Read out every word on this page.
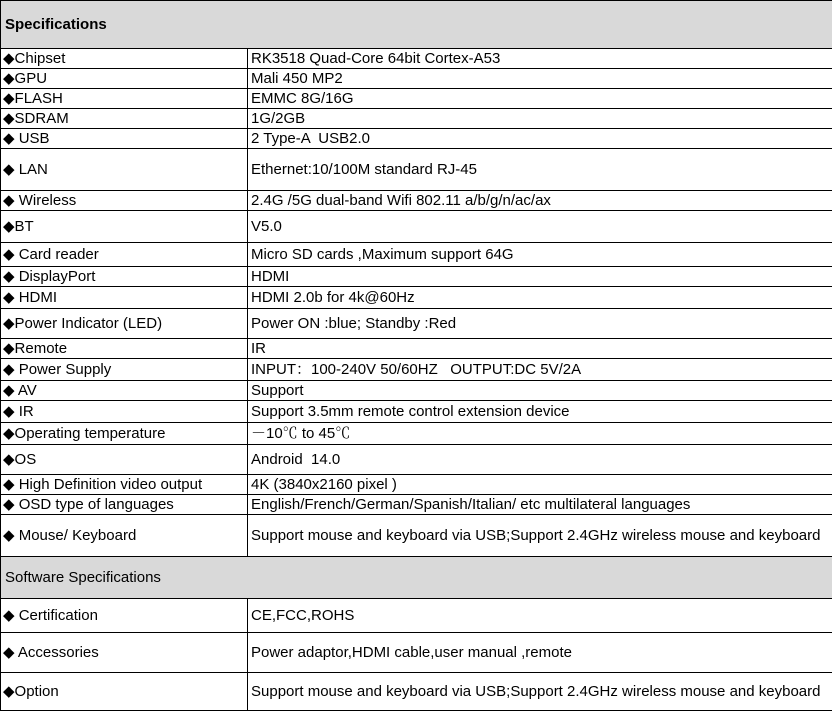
Specifications	
◆Chipset	RK3518 Quad-Core 64bit Cortex-A53
◆GPU	Mali 450 MP2
◆FLASH	EMMC 8G/16G
◆SDRAM	1G/2GB
◆ USB	2 Type-A  USB2.0
◆ LAN	Ethernet:10/100M standard RJ-45
◆ Wireless	2.4G /5G dual-band Wifi 802.11 a/b/g/n/ac/ax
◆BT	V5.0
◆ Card reader	Micro SD cards ,Maximum support 64G
◆ DisplayPort	HDMI
◆ HDMI	HDMI 2.0b for 4k@60Hz
◆Power Indicator (LED)	Power ON :blue; Standby :Red
◆Remote	IR
◆ Power Supply	INPUT：100-240V 50/60HZ   OUTPUT:DC 5V/2A
◆ AV	Support
◆ IR	Support 3.5mm remote control extension device
◆Operating temperature	－10℃ to 45℃
◆OS	Android  14.0
◆ High Definition video output	4K (3840x2160 pixel )
◆ OSD type of languages	English/French/German/Spanish/Italian/ etc multilateral languages
◆ Mouse/ Keyboard	Support mouse and keyboard via USB;Support 2.4GHz wireless mouse and keyboard
Software Specifications	
◆ Certification	CE,FCC,ROHS
◆ Accessories	Power adaptor,HDMI cable,user manual ,remote
◆Option	Support mouse and keyboard via USB;Support 2.4GHz wireless mouse and keyboard
